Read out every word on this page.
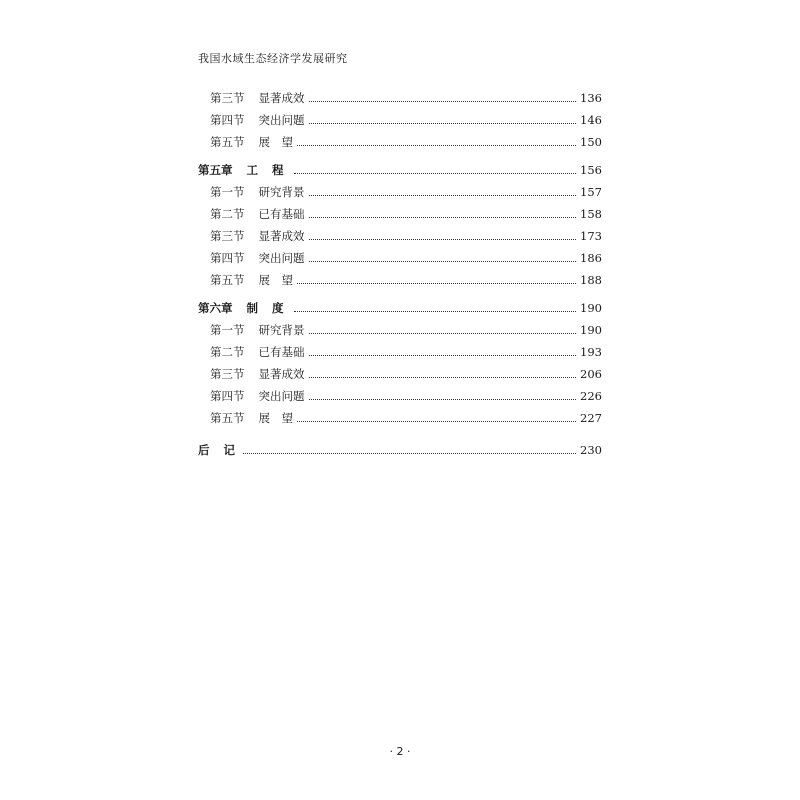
我国水域生态经济学发展研究
第三节 显著成效	136
第四节 突出问题	146
第五节 展　望	150
第五章 工程	156
第一节 研究背景	157
第二节 已有基础	158
第三节 显著成效	173
第四节 突出问题	186
第五节 展　望	188
第六章 制度	190
第一节 研究背景	190
第二节 已有基础	193
第三节 显著成效	206
第四节 突出问题	226
第五节 展　望	227
后记	230
· 2 ·
